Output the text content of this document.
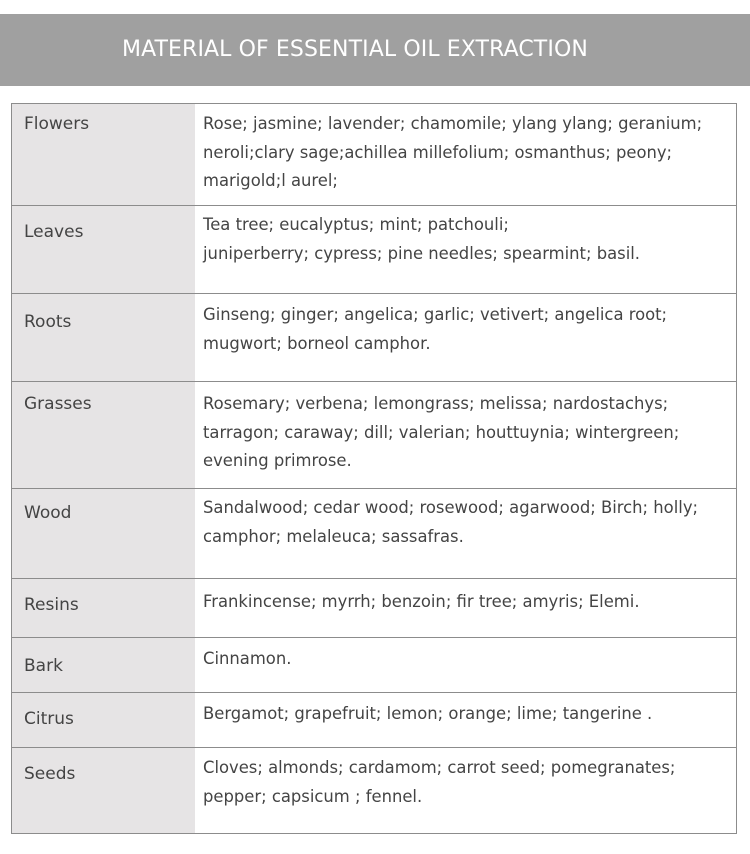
MATERIAL OF ESSENTIAL OIL EXTRACTION
Flowers	Rose; jasmine; lavender; chamomile; ylang ylang; geranium;
neroli;clary sage;achillea millefolium; osmanthus; peony;
marigold;l aurel;
Leaves	Tea tree; eucalyptus; mint; patchouli;
juniperberry; cypress; pine needles; spearmint; basil.
Roots	Ginseng; ginger; angelica; garlic; vetivert; angelica root;
mugwort; borneol camphor.
Grasses	Rosemary; verbena; lemongrass; melissa; nardostachys;
tarragon; caraway; dill; valerian; houttuynia; wintergreen;
evening primrose.
Wood	Sandalwood; cedar wood; rosewood; agarwood; Birch; holly;
camphor; melaleuca; sassafras.
Resins	Frankincense; myrrh; benzoin; fir tree; amyris; Elemi.
Bark	Cinnamon.
Citrus	Bergamot; grapefruit; lemon; orange; lime; tangerine .
Seeds	Cloves; almonds; cardamom; carrot seed; pomegranates;
pepper; capsicum ; fennel.
